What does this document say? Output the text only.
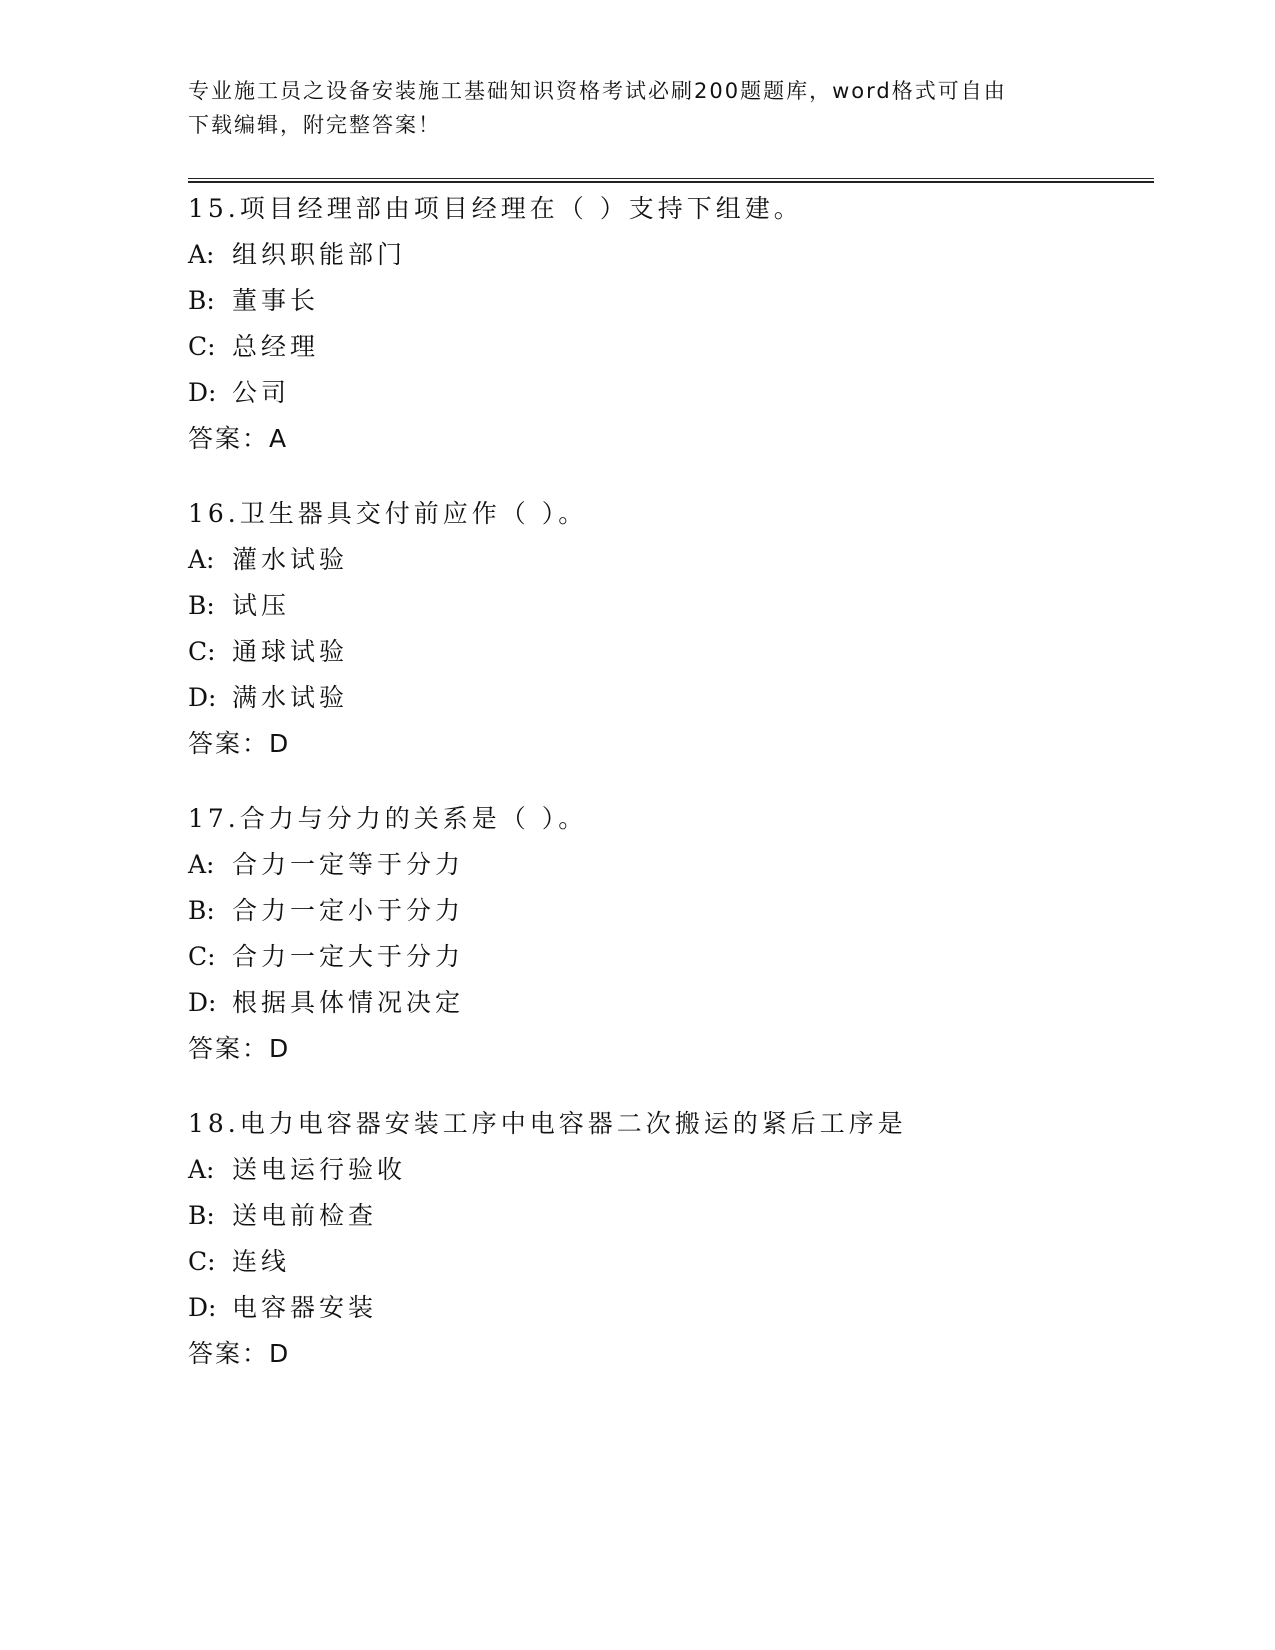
专业施工员之设备安装施工基础知识资格考试必刷200题题库，word格式可自由
下载编辑，附完整答案！
15.项目经理部由项目经理在（ ）支持下组建。
A: 组织职能部门
B: 董事长
C: 总经理
D: 公司
答案：A
16.卫生器具交付前应作（ ）。
A: 灌水试验
B: 试压
C: 通球试验
D: 满水试验
答案：D
17.合力与分力的关系是（ ）。
A: 合力一定等于分力
B: 合力一定小于分力
C: 合力一定大于分力
D: 根据具体情况决定
答案：D
18.电力电容器安装工序中电容器二次搬运的紧后工序是
A: 送电运行验收
B: 送电前检查
C: 连线
D: 电容器安装
答案：D
